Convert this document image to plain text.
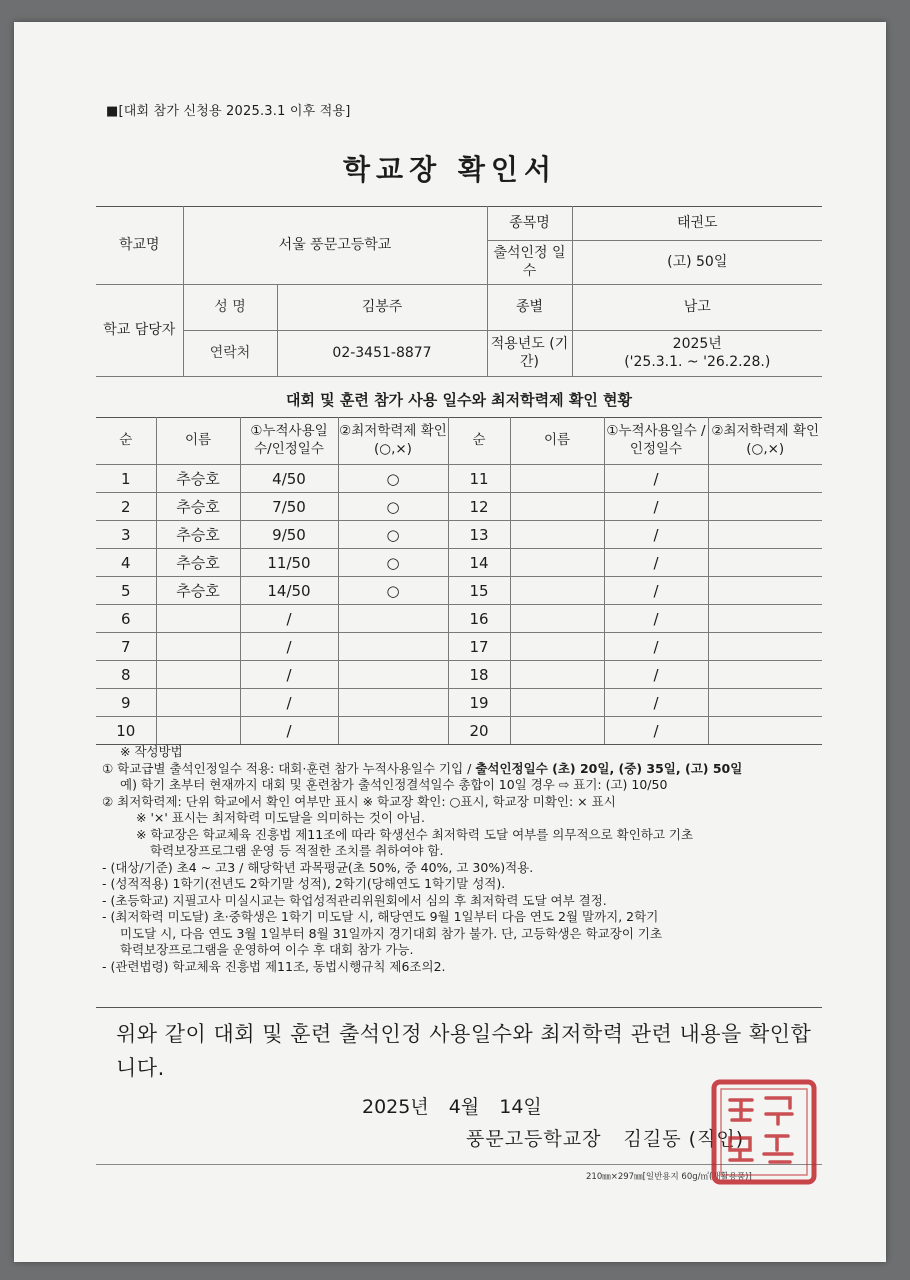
■[대회 참가 신청용 2025.3.1 이후 적용]
학교장 확인서
학교명	서울 풍문고등학교		종목명	태권도
			출석인정 일수	(고) 50일
학교 담당자	성 명	김봉주	종별	남고
	연락처	02-3451-8877	적용년도 (기간)	2025년
('25.3.1. ~ '26.2.28.)
대회 및 훈련 참가 사용 일수와 최저학력제 확인 현황
순	이름	①누적사용일 수/인정일수	②최저학력제 확인(○,×)	순	이름	①누적사용일수 /인정일수	②최저학력제 확인(○,×)
1	추승호	4/50	○	11		/	
2	추승호	7/50	○	12		/	
3	추승호	9/50	○	13		/	
4	추승호	11/50	○	14		/	
5	추승호	14/50	○	15		/	
6		/		16		/	
7		/		17		/	
8		/		18		/	
9		/		19		/	
10		/		20		/	
※ 작성방법
① 학교급별 출석인정일수 적용: 대회·훈련 참가 누적사용일수 기입 / 출석인정일수 (초) 20일, (중) 35일, (고) 50일
예) 학기 초부터 현재까지 대회 및 훈련참가 출석인정결석일수 총합이 10일 경우 ⇨ 표기: (고) 10/50
② 최저학력제: 단위 학교에서 확인 여부만 표시 ※ 학교장 확인: ○표시, 학교장 미확인: × 표시
※ '×' 표시는 최저학력 미도달을 의미하는 것이 아님.
※ 학교장은 학교체육 진흥법 제11조에 따라 학생선수 최저학력 도달 여부를 의무적으로 확인하고 기초
학력보장프로그램 운영 등 적절한 조치를 취하여야 함.
- (대상/기준) 초4 ~ 고3 / 해당학년 과목평균(초 50%, 중 40%, 고 30%)적용.
- (성적적용) 1학기(전년도 2학기말 성적), 2학기(당해연도 1학기말 성적).
- (초등학교) 지필고사 미실시교는 학업성적관리위원회에서 심의 후 최저학력 도달 여부 결정.
- (최저학력 미도달) 초·중학생은 1학기 미도달 시, 해당연도 9월 1일부터 다음 연도 2월 말까지, 2학기
미도달 시, 다음 연도 3월 1일부터 8월 31일까지 경기대회 참가 불가. 단, 고등학생은 학교장이 기초
학력보장프로그램을 운영하여 이수 후 대회 참가 가능.
- (관련법령) 학교체육 진흥법 제11조, 동법시행규칙 제6조의2.
위와 같이 대회 및 훈련 출석인정 사용일수와 최저학력 관련 내용을 확인합니다.
2025년 4월 14일
풍문고등학교장 김길동 (직인)
210㎜×297㎜[일반용지 60g/㎡(재활용품)]
